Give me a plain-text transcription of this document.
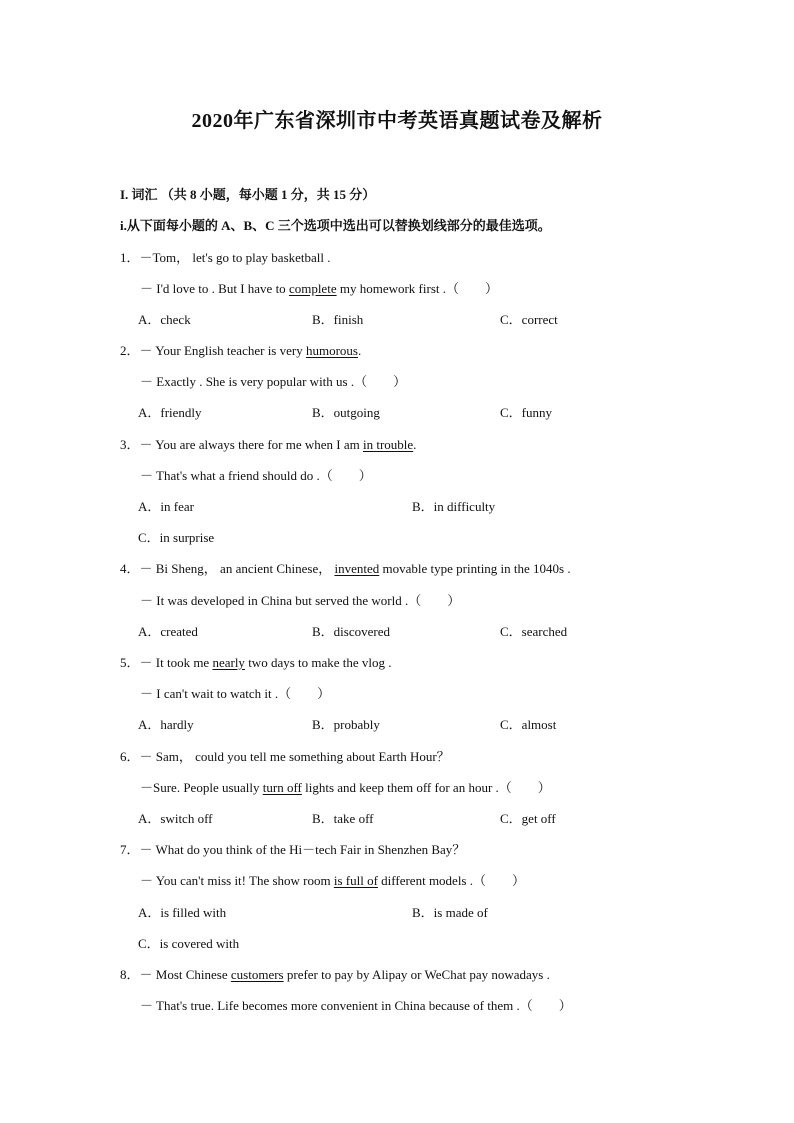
2020年广东省深圳市中考英语真题试卷及解析
I. 词汇 （共 8 小题，每小题 1 分，共 15 分）
i.从下面每小题的 A、B、C 三个选项中选出可以替换划线部分的最佳选项。
1．－Tom， let's go to play basketball .
－ I'd love to . But I have to complete my homework first .（　　）
A．check	B．finish	C．correct
2．－ Your English teacher is very humorous.
－ Exactly . She is very popular with us .（　　）
A．friendly	B．outgoing	C．funny
3．－ You are always there for me when I am in trouble.
－ That's what a friend should do .（　　）
A．in fear	B．in difficulty
C．in surprise
4．－ Bi Sheng， an ancient Chinese， invented movable type printing in the 1040s .
－ It was developed in China but served the world .（　　）
A．created	B．discovered	C．searched
5．－ It took me nearly two days to make the vlog .
－ I can't wait to watch it .（　　）
A．hardly	B．probably	C．almost
6．－ Sam， could you tell me something about Earth Hour？
－Sure. People usually turn off lights and keep them off for an hour .（　　）
A．switch off	B．take off	C．get off
7．－ What do you think of the Hi－tech Fair in Shenzhen Bay？
－ You can't miss it! The show room is full of different models .（　　）
A．is filled with	B．is made of
C．is covered with
8．－ Most Chinese customers prefer to pay by Alipay or WeChat pay nowadays .
－ That's true. Life becomes more convenient in China because of them .（　　）
